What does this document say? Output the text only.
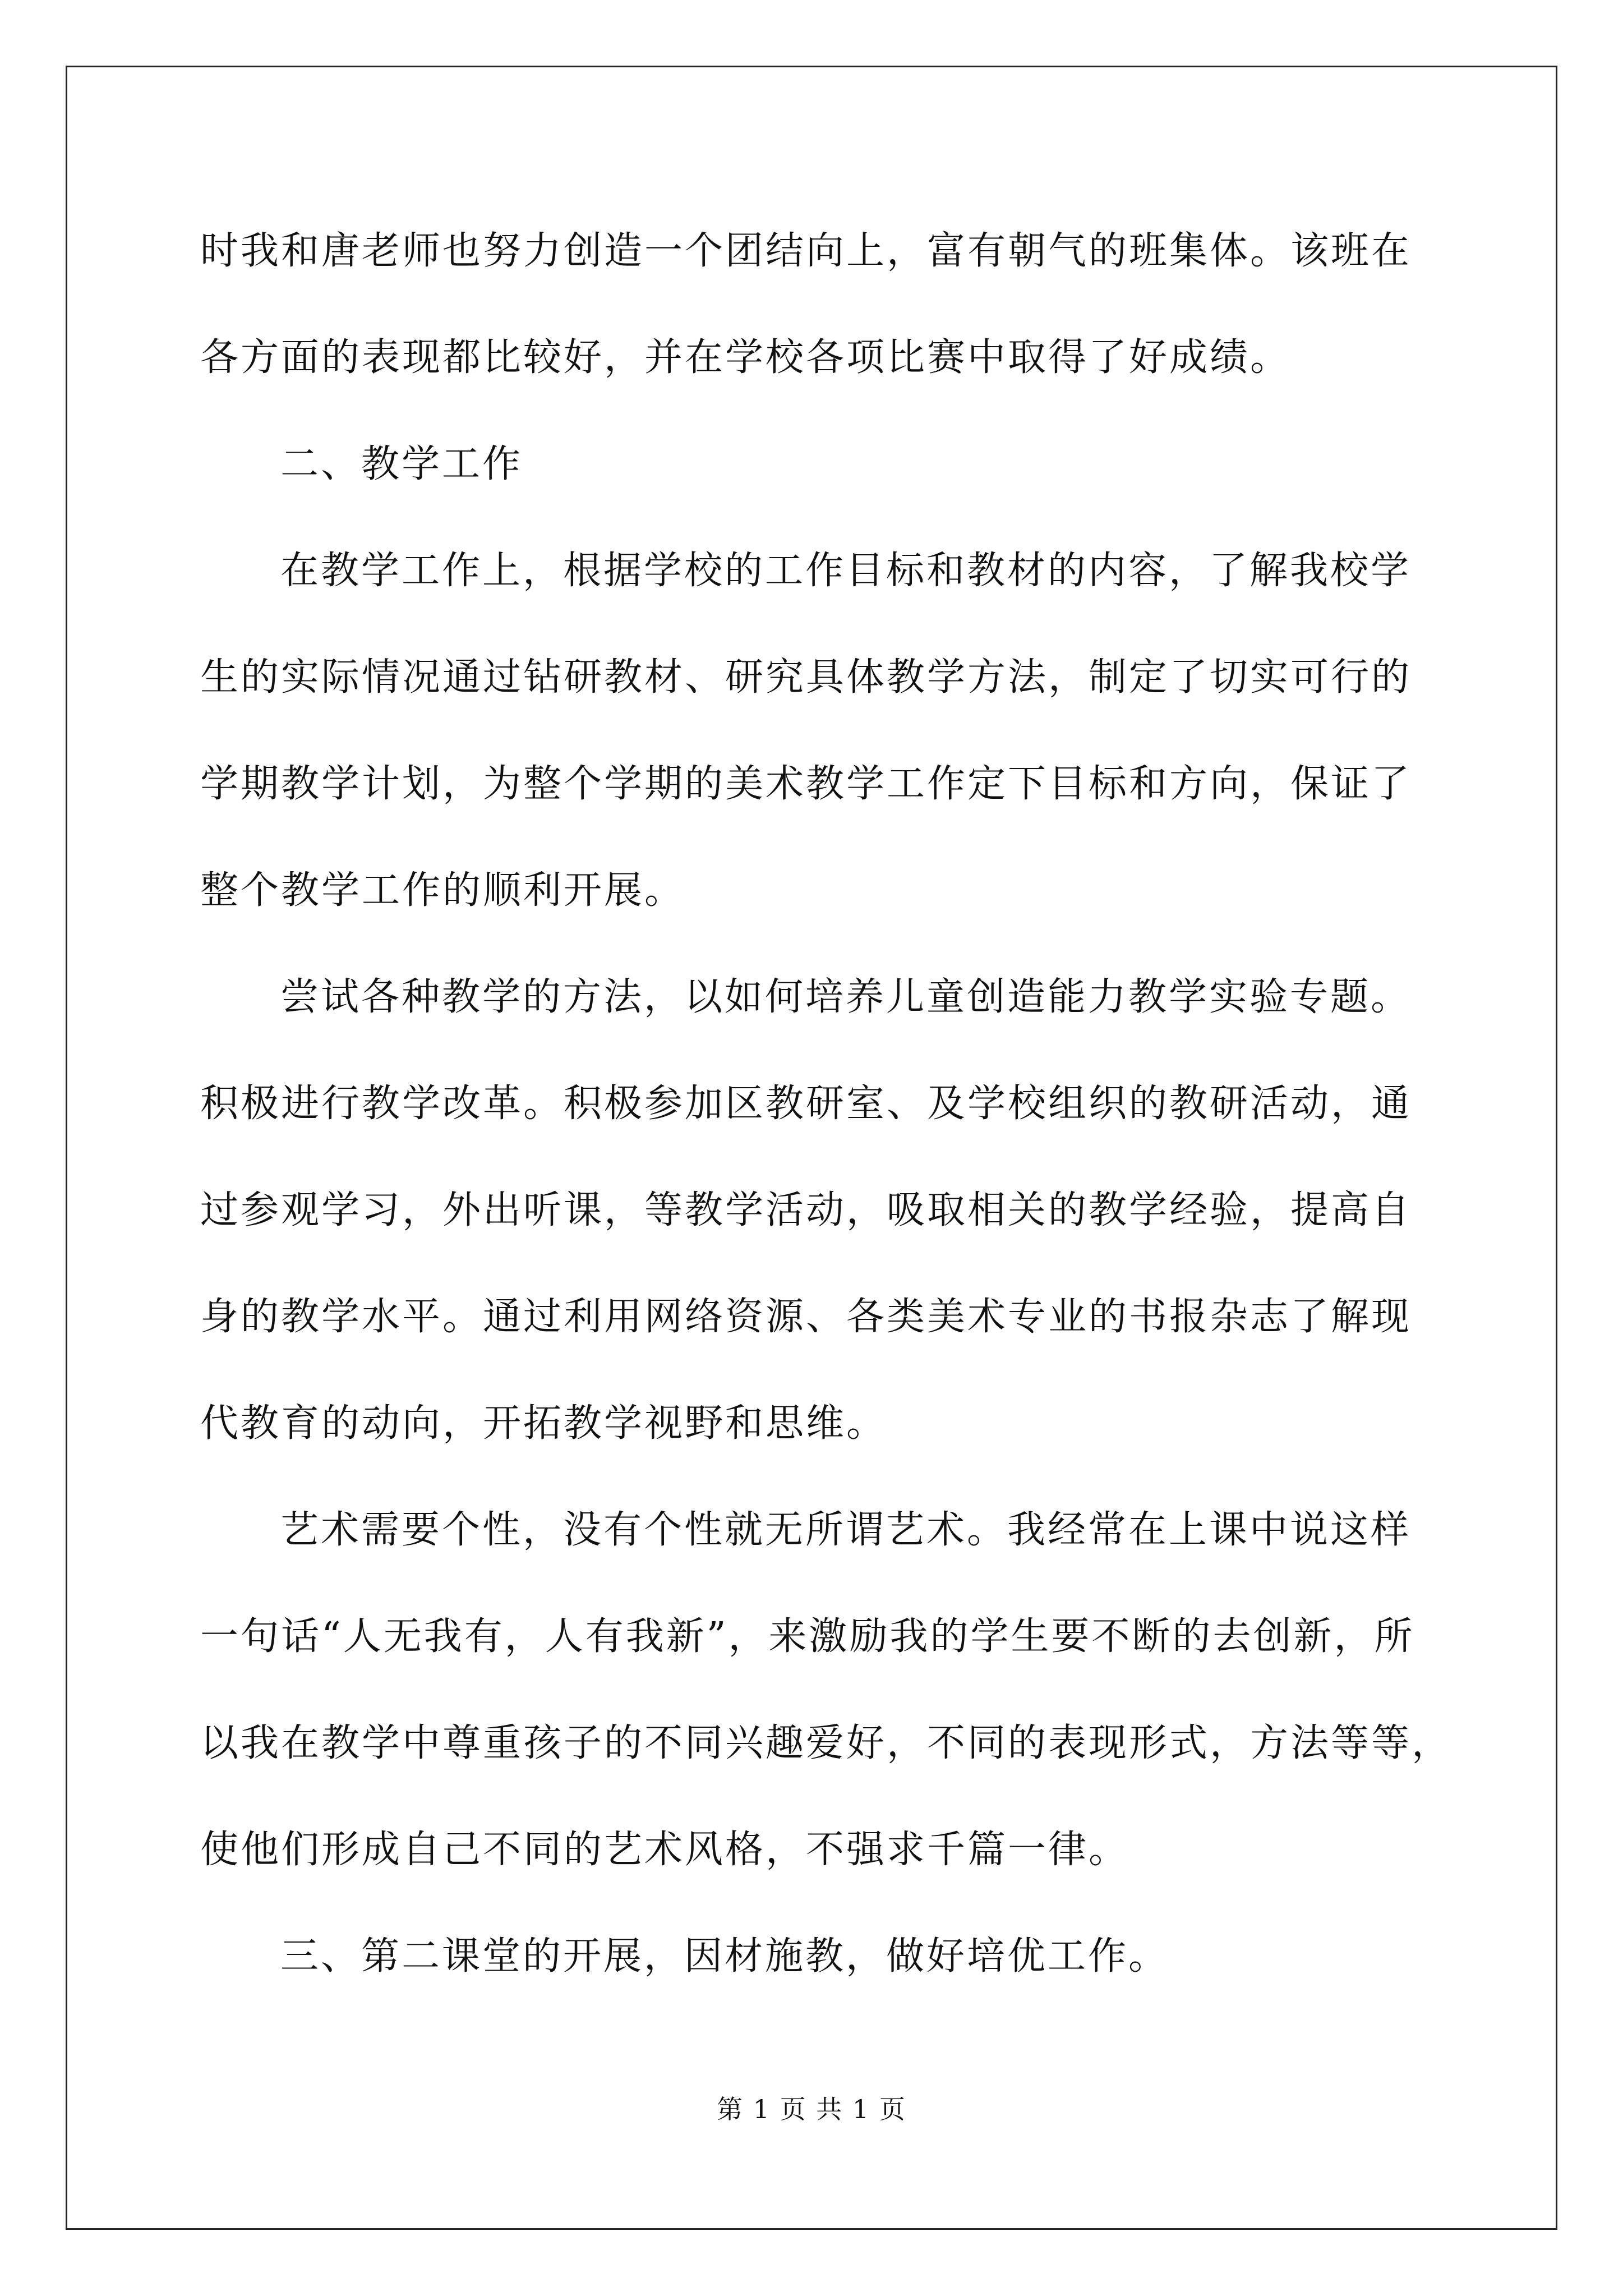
时我和唐老师也努力创造一个团结向上，富有朝气的班集体。该班在
各方面的表现都比较好，并在学校各项比赛中取得了好成绩。
二、教学工作
在教学工作上，根据学校的工作目标和教材的内容，了解我校学
生的实际情况通过钻研教材、研究具体教学方法，制定了切实可行的
学期教学计划，为整个学期的美术教学工作定下目标和方向，保证了
整个教学工作的顺利开展。
尝试各种教学的方法，以如何培养儿童创造能力教学实验专题。
积极进行教学改革。积极参加区教研室、及学校组织的教研活动，通
过参观学习，外出听课，等教学活动，吸取相关的教学经验，提高自
身的教学水平。通过利用网络资源、各类美术专业的书报杂志了解现
代教育的动向，开拓教学视野和思维。
艺术需要个性，没有个性就无所谓艺术。我经常在上课中说这样
一句话“人无我有，人有我新”，来激励我的学生要不断的去创新，所
以我在教学中尊重孩子的不同兴趣爱好，不同的表现形式，方法等等，
使他们形成自己不同的艺术风格，不强求千篇一律。
三、第二课堂的开展，因材施教，做好培优工作。
第 1 页 共 1 页
